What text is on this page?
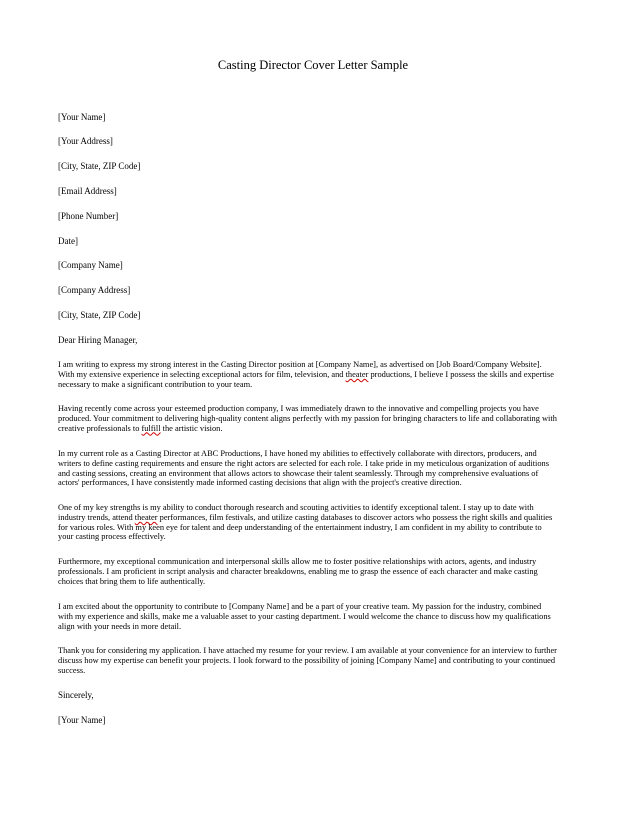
Casting Director Cover Letter Sample
[Your Name]
[Your Address]
[City, State, ZIP Code]
[Email Address]
[Phone Number]
Date]
[Company Name]
[Company Address]
[City, State, ZIP Code]
Dear Hiring Manager,
I am writing to express my strong interest in the Casting Director position at [Company Name], as advertised on [Job Board/Company Website]. With my extensive experience in selecting exceptional actors for film, television, and theater productions, I believe I possess the skills and expertise necessary to make a significant contribution to your team.
Having recently come across your esteemed production company, I was immediately drawn to the innovative and compelling projects you have produced. Your commitment to delivering high-quality content aligns perfectly with my passion for bringing characters to life and collaborating with creative professionals to fulfill the artistic vision.
In my current role as a Casting Director at ABC Productions, I have honed my abilities to effectively collaborate with directors, producers, and writers to define casting requirements and ensure the right actors are selected for each role. I take pride in my meticulous organization of auditions and casting sessions, creating an environment that allows actors to showcase their talent seamlessly. Through my comprehensive evaluations of actors' performances, I have consistently made informed casting decisions that align with the project's creative direction.
One of my key strengths is my ability to conduct thorough research and scouting activities to identify exceptional talent. I stay up to date with industry trends, attend theater performances, film festivals, and utilize casting databases to discover actors who possess the right skills and qualities for various roles. With my keen eye for talent and deep understanding of the entertainment industry, I am confident in my ability to contribute to your casting process effectively.
Furthermore, my exceptional communication and interpersonal skills allow me to foster positive relationships with actors, agents, and industry professionals. I am proficient in script analysis and character breakdowns, enabling me to grasp the essence of each character and make casting choices that bring them to life authentically.
I am excited about the opportunity to contribute to [Company Name] and be a part of your creative team. My passion for the industry, combined with my experience and skills, make me a valuable asset to your casting department. I would welcome the chance to discuss how my qualifications align with your needs in more detail.
Thank you for considering my application. I have attached my resume for your review. I am available at your convenience for an interview to further discuss how my expertise can benefit your projects. I look forward to the possibility of joining [Company Name] and contributing to your continued success.
Sincerely,
[Your Name]
